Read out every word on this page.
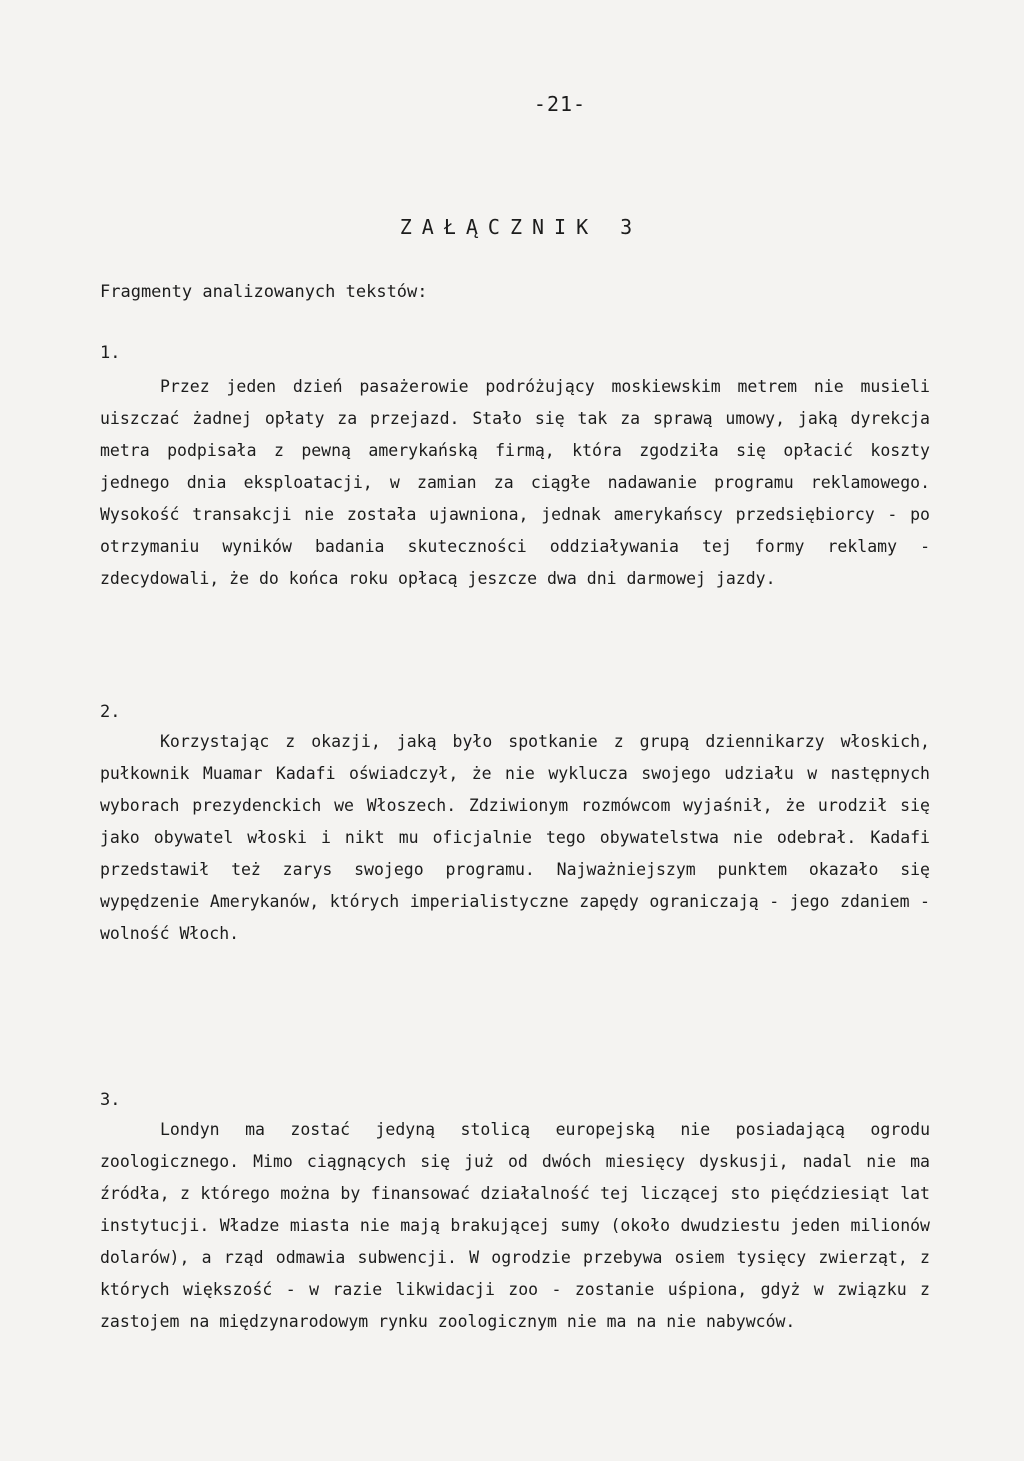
-21-
ZAŁĄCZNIK 3
Fragmenty analizowanych tekstów:
1.

Przez jeden dzień pasażerowie podróżujący moskiewskim metrem nie musieli uiszczać żadnej opłaty za przejazd. Stało się tak za sprawą umowy, jaką dyrekcja metra podpisała z pewną amerykańską firmą, która zgodziła się opłacić koszty jednego dnia eksploatacji, w zamian za ciągłe nadawanie programu reklamowego. Wysokość transakcji nie została ujawniona, jednak amerykańscy przedsiębiorcy - po otrzymaniu wyników badania skuteczności oddziaływania tej formy reklamy -zdecydowali, że do końca roku opłacą jeszcze dwa dni darmowej jazdy.

2.

Korzystając z okazji, jaką było spotkanie z grupą dziennikarzy włoskich, pułkownik Muamar Kadafi oświadczył, że nie wyklucza swojego udziału w następnych wyborach prezydenckich we Włoszech. Zdziwionym rozmówcom wyjaśnił, że urodził się jako obywatel włoski i nikt mu oficjalnie tego obywatelstwa nie odebrał. Kadafi przedstawił też zarys swojego programu. Najważniejszym punktem okazało się wypędzenie Amerykanów, których imperialistyczne zapędy ograniczają - jego zdaniem - wolność Włoch.

3.

Londyn ma zostać jedyną stolicą europejską nie posiadającą ogrodu zoologicznego. Mimo ciągnących się już od dwóch miesięcy dyskusji, nadal nie ma źródła, z którego można by finansować działalność tej liczącej sto pięćdziesiąt lat instytucji. Władze miasta nie mają brakującej sumy (około dwudziestu jeden milionów dolarów), a rząd odmawia subwencji. W ogrodzie przebywa osiem tysięcy zwierząt, z których większość - w razie likwidacji zoo - zostanie uśpiona, gdyż w związku z zastojem na międzynarodowym rynku zoologicznym nie ma na nie nabywców.
